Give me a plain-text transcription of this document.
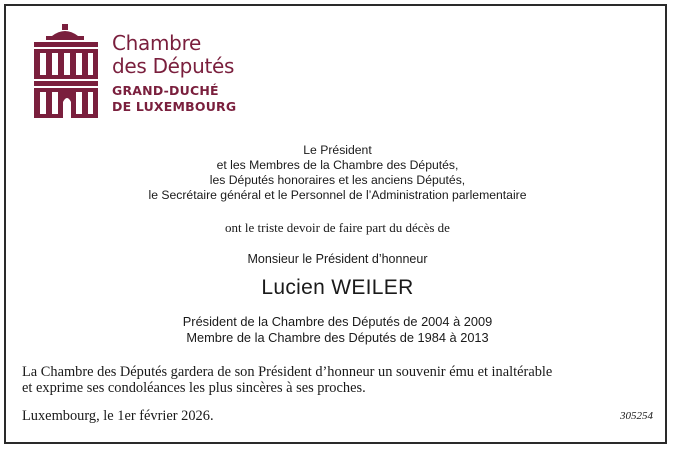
Chambre
des Députés
GRAND-DUCHÉ
DE LUXEMBOURG
Le Président
et les Membres de la Chambre des Députés,
les Députés honoraires et les anciens Députés,
le Secrétaire général et le Personnel de l’Administration parlementaire
ont le triste devoir de faire part du décès de
Monsieur le Président d’honneur
Lucien WEILER
Président de la Chambre des Députés de 2004 à 2009
Membre de la Chambre des Députés de 1984 à 2013
La Chambre des Députés gardera de son Président d’honneur un souvenir ému et inaltérable
et exprime ses condoléances les plus sincères à ses proches.
Luxembourg, le 1er février 2026.	305254
